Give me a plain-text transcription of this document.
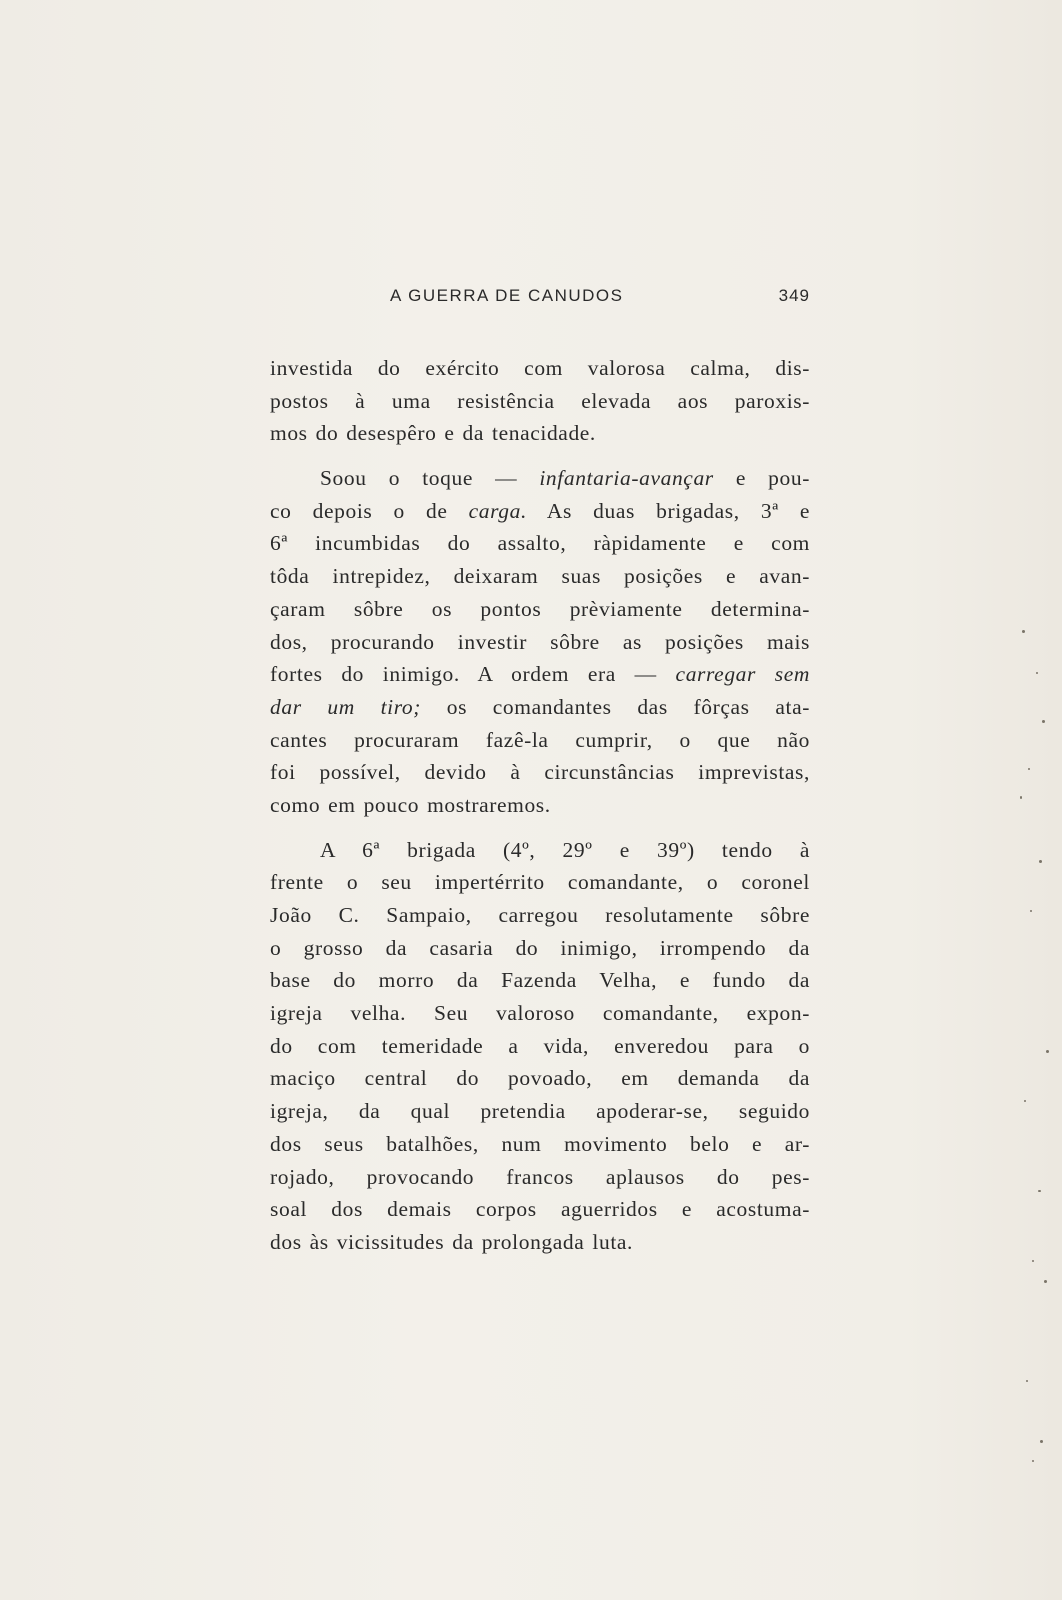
A GUERRA DE CANUDOS	349
investida do exército com valorosa calma, dis-
postos à uma resistência elevada aos paroxis-
mos do desespêro e da tenacidade.
Soou o toque — infantaria-avançar e pou-
co depois o de carga. As duas brigadas, 3ª e
6ª incumbidas do assalto, ràpidamente e com
tôda intrepidez, deixaram suas posições e avan-
çaram sôbre os pontos prèviamente determina-
dos, procurando investir sôbre as posições mais
fortes do inimigo. A ordem era — carregar sem
dar um tiro; os comandantes das fôrças ata-
cantes procuraram fazê-la cumprir, o que não
foi possível, devido à circunstâncias imprevistas,
como em pouco mostraremos.
A 6ª brigada (4º, 29º e 39º) tendo à
frente o seu impertérrito comandante, o coronel
João C. Sampaio, carregou resolutamente sôbre
o grosso da casaria do inimigo, irrompendo da
base do morro da Fazenda Velha, e fundo da
igreja velha. Seu valoroso comandante, expon-
do com temeridade a vida, enveredou para o
maciço central do povoado, em demanda da
igreja, da qual pretendia apoderar-se, seguido
dos seus batalhões, num movimento belo e ar-
rojado, provocando francos aplausos do pes-
soal dos demais corpos aguerridos e acostuma-
dos às vicissitudes da prolongada luta.
